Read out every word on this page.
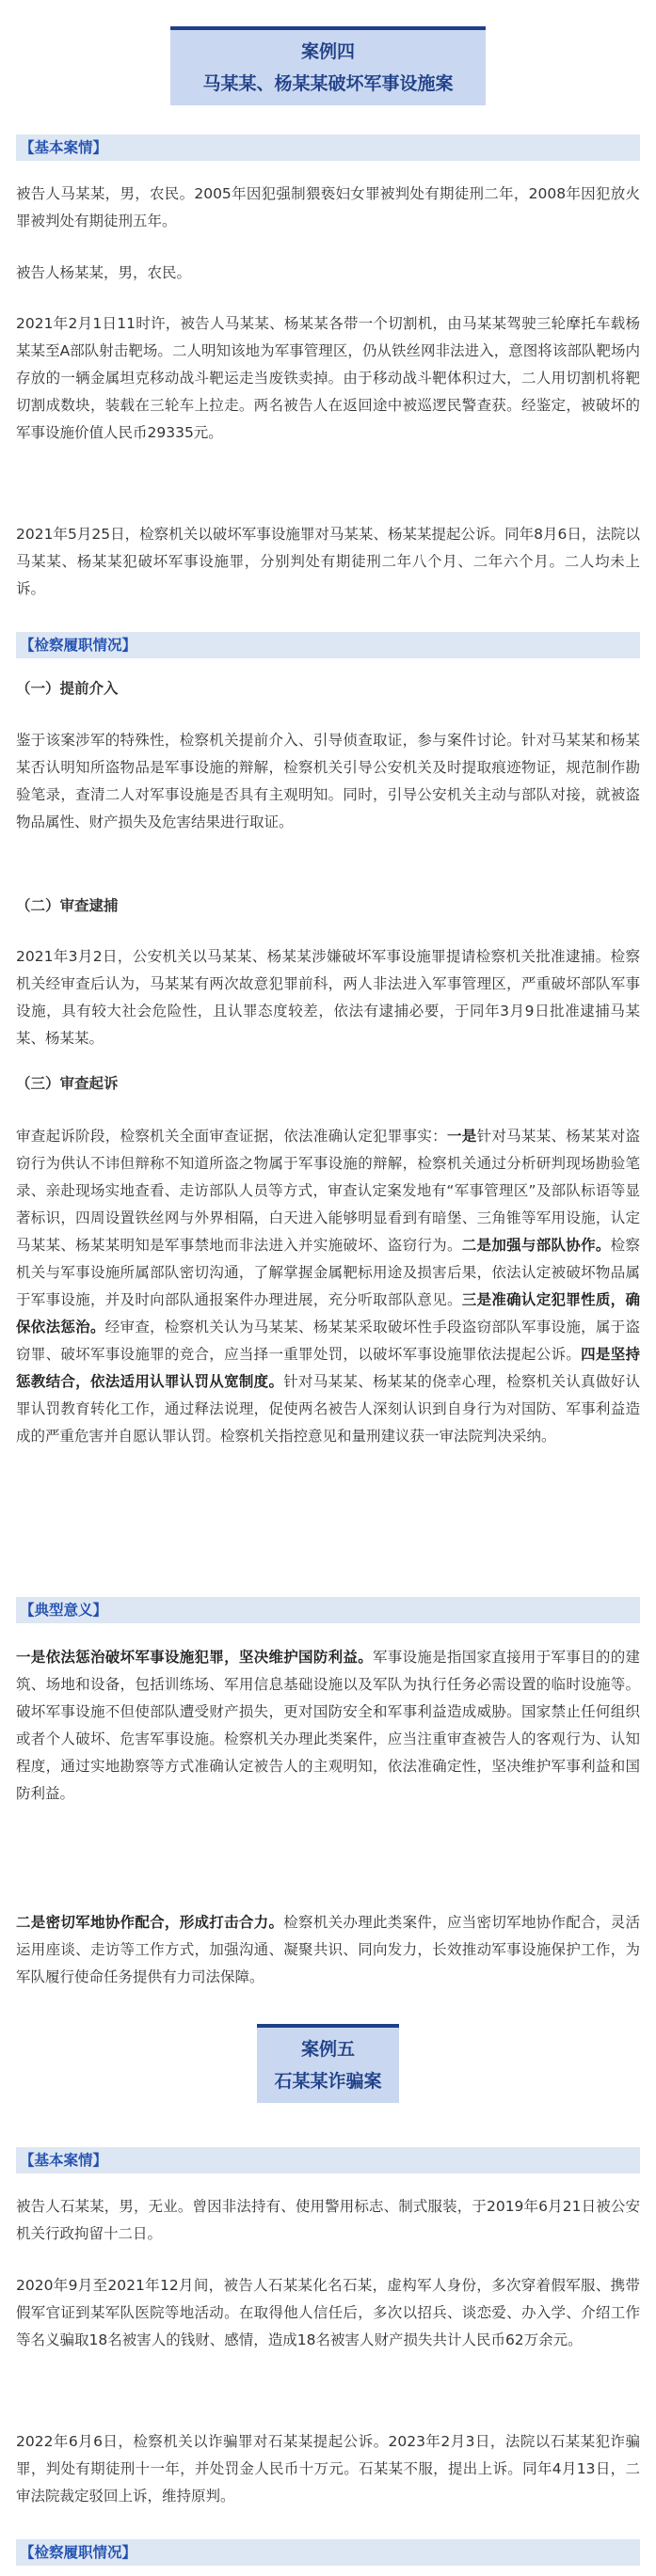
案例四
马某某、杨某某破坏军事设施案
【基本案情】
被告人马某某，男，农民。2005年因犯强制猥亵妇女罪被判处有期徒刑二年，2008年因犯放火罪被判处有期徒刑五年。
被告人杨某某，男，农民。
2021年2月1日11时许，被告人马某某、杨某某各带一个切割机，由马某某驾驶三轮摩托车载杨某某至A部队射击靶场。二人明知该地为军事管理区，仍从铁丝网非法进入，意图将该部队靶场内存放的一辆金属坦克移动战斗靶运走当废铁卖掉。由于移动战斗靶体积过大，二人用切割机将靶切割成数块，装载在三轮车上拉走。两名被告人在返回途中被巡逻民警查获。经鉴定，被破坏的军事设施价值人民币29335元。
2021年5月25日，检察机关以破坏军事设施罪对马某某、杨某某提起公诉。同年8月6日，法院以马某某、杨某某犯破坏军事设施罪，分别判处有期徒刑二年八个月、二年六个月。二人均未上诉。
【检察履职情况】
（一）提前介入
鉴于该案涉军的特殊性，检察机关提前介入、引导侦查取证，参与案件讨论。针对马某某和杨某某否认明知所盗物品是军事设施的辩解，检察机关引导公安机关及时提取痕迹物证，规范制作勘验笔录，查清二人对军事设施是否具有主观明知。同时，引导公安机关主动与部队对接，就被盗物品属性、财产损失及危害结果进行取证。
（二）审查逮捕
2021年3月2日，公安机关以马某某、杨某某涉嫌破坏军事设施罪提请检察机关批准逮捕。检察机关经审查后认为，马某某有两次故意犯罪前科，两人非法进入军事管理区，严重破坏部队军事设施，具有较大社会危险性，且认罪态度较差，依法有逮捕必要，于同年3月9日批准逮捕马某某、杨某某。
（三）审查起诉
审查起诉阶段，检察机关全面审查证据，依法准确认定犯罪事实：一是针对马某某、杨某某对盗窃行为供认不讳但辩称不知道所盗之物属于军事设施的辩解，检察机关通过分析研判现场勘验笔录、亲赴现场实地查看、走访部队人员等方式，审查认定案发地有“军事管理区”及部队标语等显著标识，四周设置铁丝网与外界相隔，白天进入能够明显看到有暗堡、三角锥等军用设施，认定马某某、杨某某明知是军事禁地而非法进入并实施破坏、盗窃行为。二是加强与部队协作。检察机关与军事设施所属部队密切沟通，了解掌握金属靶标用途及损害后果，依法认定被破坏物品属于军事设施，并及时向部队通报案件办理进展，充分听取部队意见。三是准确认定犯罪性质，确保依法惩治。经审查，检察机关认为马某某、杨某某采取破坏性手段盗窃部队军事设施，属于盗窃罪、破坏军事设施罪的竞合，应当择一重罪处罚，以破坏军事设施罪依法提起公诉。四是坚持惩教结合，依法适用认罪认罚从宽制度。针对马某某、杨某某的侥幸心理，检察机关认真做好认罪认罚教育转化工作，通过释法说理，促使两名被告人深刻认识到自身行为对国防、军事利益造成的严重危害并自愿认罪认罚。检察机关指控意见和量刑建议获一审法院判决采纳。
【典型意义】
一是依法惩治破坏军事设施犯罪，坚决维护国防利益。军事设施是指国家直接用于军事目的的建筑、场地和设备，包括训练场、军用信息基础设施以及军队为执行任务必需设置的临时设施等。破坏军事设施不但使部队遭受财产损失，更对国防安全和军事利益造成威胁。国家禁止任何组织或者个人破坏、危害军事设施。检察机关办理此类案件，应当注重审查被告人的客观行为、认知程度，通过实地勘察等方式准确认定被告人的主观明知，依法准确定性，坚决维护军事利益和国防利益。
二是密切军地协作配合，形成打击合力。检察机关办理此类案件，应当密切军地协作配合，灵活运用座谈、走访等工作方式，加强沟通、凝聚共识、同向发力，长效推动军事设施保护工作，为军队履行使命任务提供有力司法保障。
案例五
石某某诈骗案
【基本案情】
被告人石某某，男，无业。曾因非法持有、使用警用标志、制式服装，于2019年6月21日被公安机关行政拘留十二日。
2020年9月至2021年12月间，被告人石某某化名石某，虚构军人身份，多次穿着假军服、携带假军官证到某军队医院等地活动。在取得他人信任后，多次以招兵、谈恋爱、办入学、介绍工作等名义骗取18名被害人的钱财、感情，造成18名被害人财产损失共计人民币62万余元。
2022年6月6日，检察机关以诈骗罪对石某某提起公诉。2023年2月3日，法院以石某某犯诈骗罪，判处有期徒刑十一年，并处罚金人民币十万元。石某某不服，提出上诉。同年4月13日，二审法院裁定驳回上诉，维持原判。
【检察履职情况】
